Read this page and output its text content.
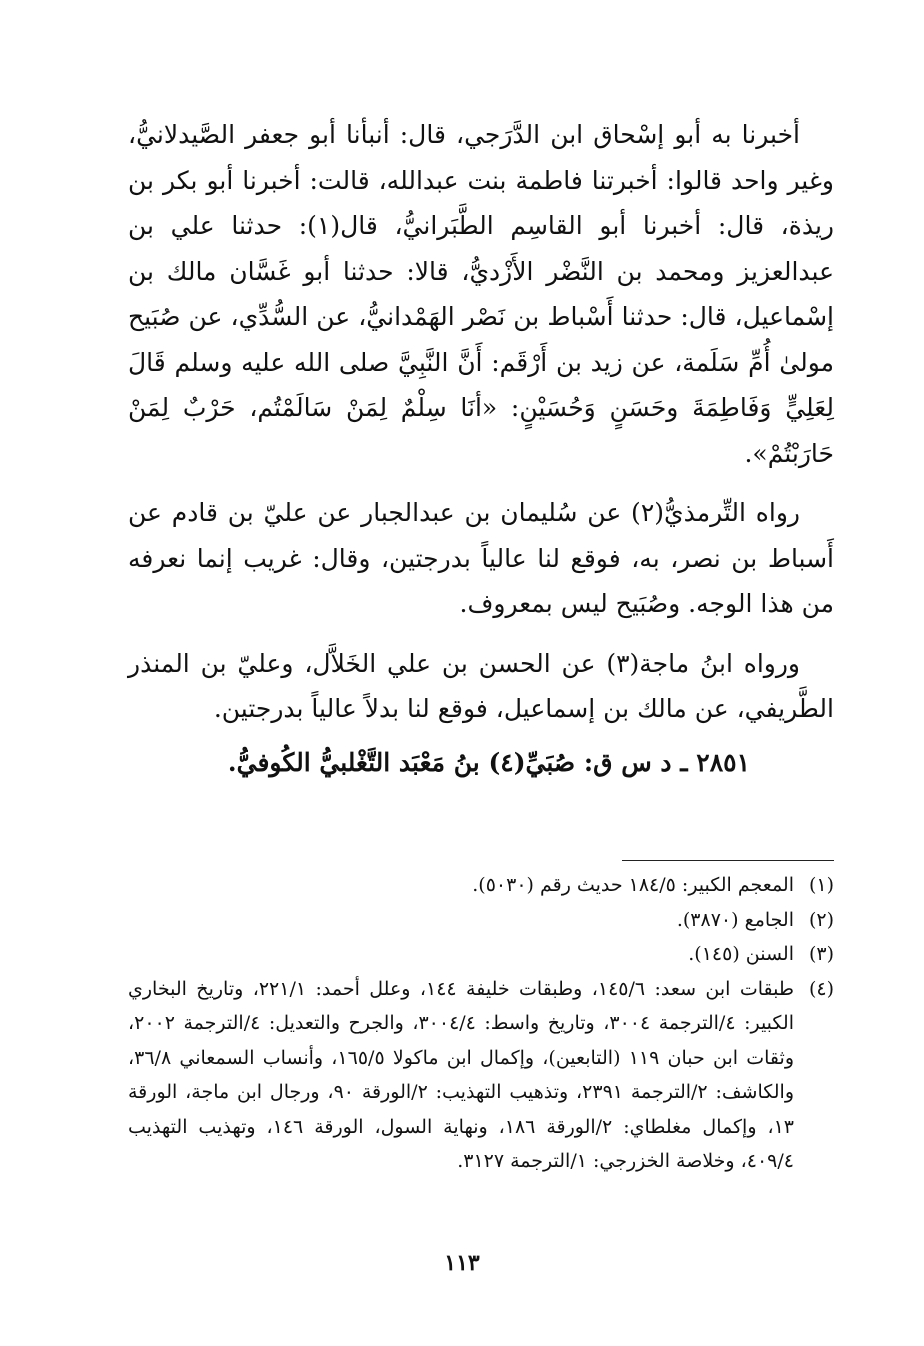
أخبرنا به أبو إسْحاق ابن الدَّرَجي، قال: أنبأنا أبو جعفر الصَّيدلانيُّ، وغير واحد قالوا: أخبرتنا فاطمة بنت عبدالله، قالت: أخبرنا أبو بكر بن ريذة، قال: أخبرنا أبو القاسِم الطَّبَرانيُّ، قال(١): حدثنا علي بن عبدالعزيز ومحمد بن النَّضْر الأَزْديُّ، قالا: حدثنا أبو غَسَّان مالك بن إسْماعيل، قال: حدثنا أَسْباط بن نَصْر الهَمْدانيُّ، عن السُّدِّي، عن صُبَيح مولىٰ أُمِّ سَلَمة، عن زيد بن أَرْقَم: أَنَّ النَّبِيَّ صلى الله عليه وسلم قَالَ لِعَلِيٍّ وَفَاطِمَةَ وحَسَنٍ وَحُسَيْنٍ: «أنَا سِلْمٌ لِمَنْ سَالَمْتُم، حَرْبٌ لِمَنْ حَارَبْتُمْ».

رواه التِّرمذيُّ(٢) عن سُليمان بن عبدالجبار عن عليّ بن قادم عن أَسباط بن نصر، به، فوقع لنا عالياً بدرجتين، وقال: غريب إنما نعرفه من هذا الوجه. وصُبَيح ليس بمعروف.

ورواه ابنُ ماجة(٣) عن الحسن بن علي الخَلاَّل، وعليّ بن المنذر الطَّريفي، عن مالك بن إسماعيل، فوقع لنا بدلاً عالياً بدرجتين.

٢٨٥١ ـ د س ق: صُبَيِّ(٤) بنُ مَعْبَد التَّغْلبيُّ الكُوفيُّ.

(١)
المعجم الكبير: ١٨٤/٥ حديث رقم (٥٠٣٠).
(٢)
الجامع (٣٨٧٠).
(٣)
السنن (١٤٥).
(٤)
طبقات ابن سعد: ١٤٥/٦، وطبقات خليفة ١٤٤، وعلل أحمد: ٢٢١/١، وتاريخ البخاري الكبير: ٤/الترجمة ٣٠٠٤، وتاريخ واسط: ٣٠٠٤/٤، والجرح والتعديل: ٤/الترجمة ٢٠٠٢، وثقات ابن حبان ١١٩ (التابعين)، وإكمال ابن ماكولا ١٦٥/٥، وأنساب السمعاني ٣٦/٨، والكاشف: ٢/الترجمة ٢٣٩١، وتذهيب التهذيب: ٢/الورقة ٩٠، ورجال ابن ماجة، الورقة ١٣، وإكمال مغلطاي: ٢/الورقة ١٨٦، ونهاية السول، الورقة ١٤٦، وتهذيب التهذيب ٤٠٩/٤، وخلاصة الخزرجي: ١/الترجمة ٣١٢٧.
١١٣
